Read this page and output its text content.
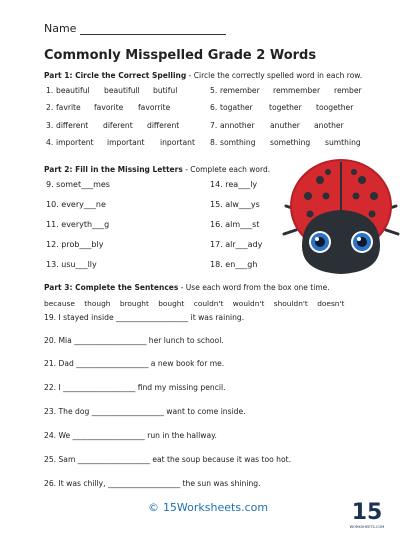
Name
Commonly Misspelled Grade 2 Words
Part 1: Circle the Correct Spelling - Circle the correctly spelled word in each row.
1. beautiful beautifull butiful
2. favrite favorite favorrite
3. different diferent different
4. importent important inportant
5. remember remmember rember
6. togather together toogether
7. annother anuther another
8. somthing something sumthing
Part 2: Fill in the Missing Letters - Complete each word.
9. somet___mes
10. every___ne
11. everyth___g
12. prob___bly
13. usu___lly
14. rea___ly
15. alw___ys
16. alm___st
17. alr___ady
18. en___gh
Part 3: Complete the Sentences - Use each word from the box one time.
because though brought bought couldn't wouldn't shouldn't doesn't
19. I stayed inside ___________________ it was raining.
20. Mia ___________________ her lunch to school.
21. Dad ___________________ a new book for me.
22. I ___________________ find my missing pencil.
23. The dog ___________________ want to come inside.
24. We ___________________ run in the hallway.
25. Sam ___________________ eat the soup because it was too hot.
26. It was chilly, ___________________ the sun was shining.
© 15Worksheets.com	15
WORKSHEETS.COM
